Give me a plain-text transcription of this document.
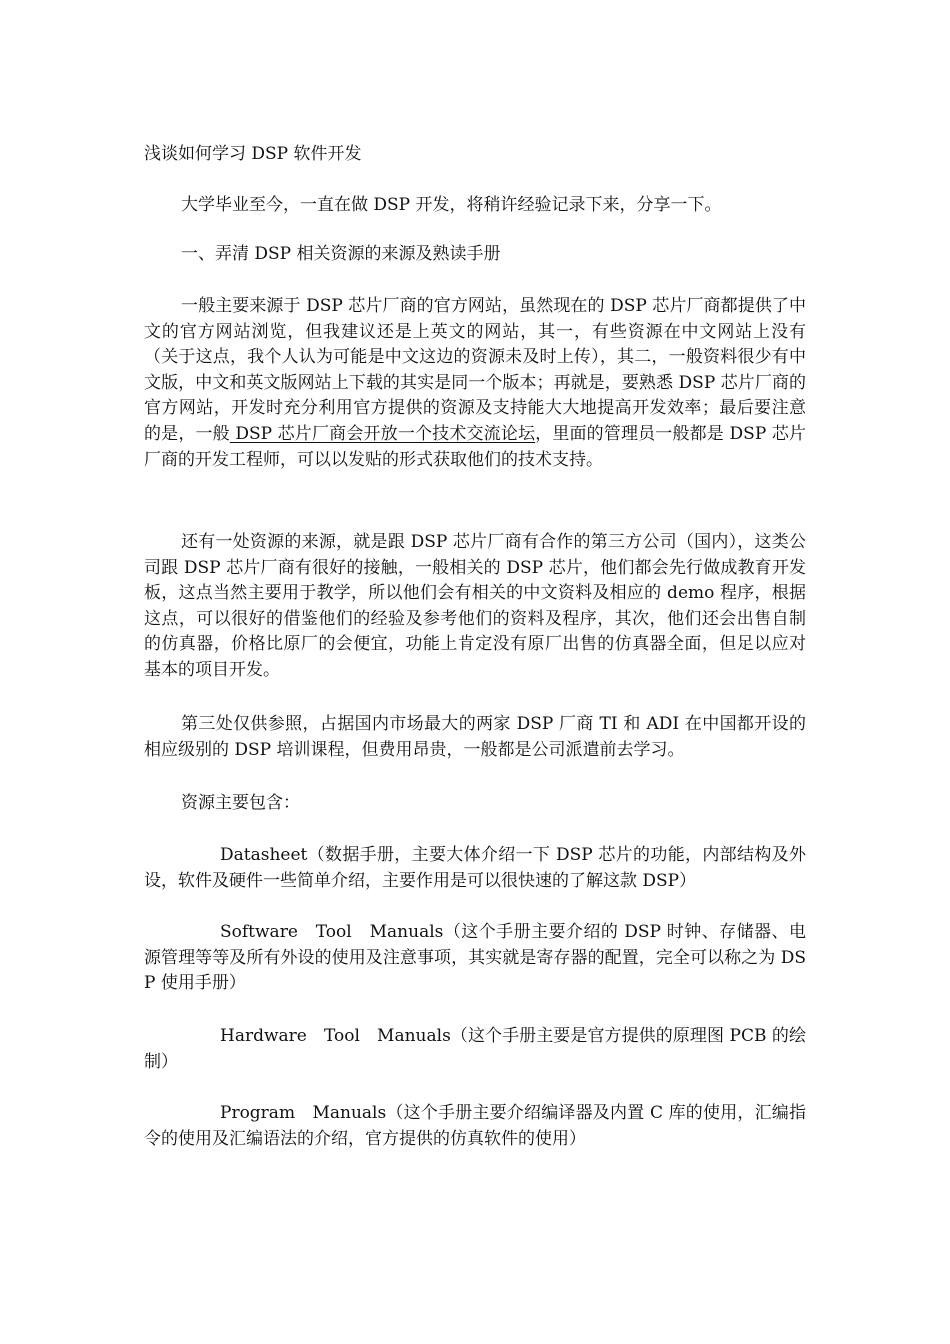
浅谈如何学习 DSP 软件开发
大学毕业至今，一直在做 DSP 开发，将稍许经验记录下来，分享一下。
一、弄清 DSP 相关资源的来源及熟读手册
一般主要来源于 DSP 芯片厂商的官方网站，虽然现在的 DSP 芯片厂商都提供了中文的官方网站浏览，但我建议还是上英文的网站，其一，有些资源在中文网站上没有（关于这点，我个人认为可能是中文这边的资源未及时上传），其二，一般资料很少有中文版，中文和英文版网站上下载的其实是同一个版本；再就是，要熟悉 DSP 芯片厂商的官方网站，开发时充分利用官方提供的资源及支持能大大地提高开发效率；最后要注意的是，一般 DSP 芯片厂商会开放一个技术交流论坛，里面的管理员一般都是 DSP 芯片厂商的开发工程师，可以以发贴的形式获取他们的技术支持。
还有一处资源的来源，就是跟 DSP 芯片厂商有合作的第三方公司（国内），这类公司跟 DSP 芯片厂商有很好的接触，一般相关的 DSP 芯片，他们都会先行做成教育开发板，这点当然主要用于教学，所以他们会有相关的中文资料及相应的 demo 程序，根据这点，可以很好的借鉴他们的经验及参考他们的资料及程序，其次，他们还会出售自制的仿真器，价格比原厂的会便宜，功能上肯定没有原厂出售的仿真器全面，但足以应对基本的项目开发。
第三处仅供参照，占据国内市场最大的两家 DSP 厂商 TI 和 ADI 在中国都开设的相应级别的 DSP 培训课程，但费用昂贵，一般都是公司派遣前去学习。
资源主要包含：
Datasheet（数据手册，主要大体介绍一下 DSP 芯片的功能，内部结构及外设，软件及硬件一些简单介绍，主要作用是可以很快速的了解这款 DSP）
Software　Tool　Manuals（这个手册主要介绍的 DSP 时钟、存储器、电源管理等等及所有外设的使用及注意事项，其实就是寄存器的配置，完全可以称之为 DSP 使用手册）
Hardware　Tool　Manuals（这个手册主要是官方提供的原理图 PCB 的绘制）
Program　Manuals（这个手册主要介绍编译器及内置 C 库的使用，汇编指令的使用及汇编语法的介绍，官方提供的仿真软件的使用）
